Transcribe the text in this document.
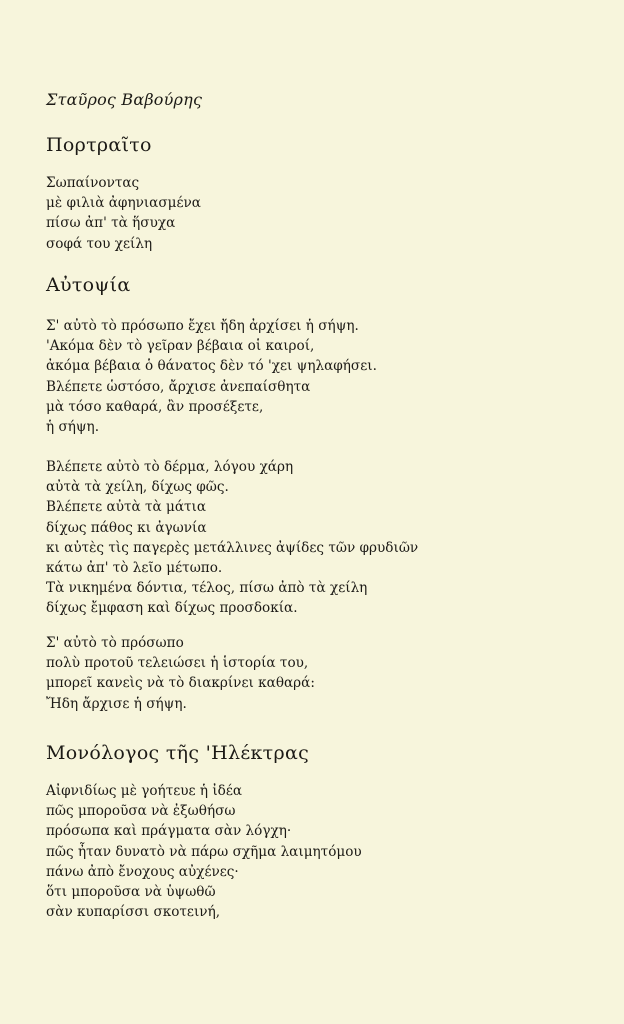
Σταῦρος Βαβούρης
Πορτραῖτο
Σωπαίνοντας
μὲ φιλιὰ ἀφηνιασμένα
πίσω ἀπ' τὰ ἥσυχα
σοφά του χείλη
Αὐτοψία
Σ' αὐτὸ τὸ πρόσωπο ἔχει ἤδη ἀρχίσει ἡ σήψη.
'Ακόμα δὲν τὸ γεῖραν βέβαια οἱ καιροί,
ἀκόμα βέβαια ὁ θάνατος δὲν τό 'χει ψηλαφήσει.
Βλέπετε ὡστόσο, ἄρχισε ἀνεπαίσθητα
μὰ τόσο καθαρά, ἂν προσέξετε,
ἡ σήψη.
Βλέπετε αὐτὸ τὸ δέρμα, λόγου χάρη
αὐτὰ τὰ χείλη, δίχως φῶς.
Βλέπετε αὐτὰ τὰ μάτια
δίχως πάθος κι ἀγωνία
κι αὐτὲς τὶς παγερὲς μετάλλινες ἀψίδες τῶν φρυδιῶν
κάτω ἀπ' τὸ λεῖο μέτωπο.
Τὰ νικημένα δόντια, τέλος, πίσω ἀπὸ τὰ χείλη
δίχως ἔμφαση καὶ δίχως προσδοκία.
Σ' αὐτὸ τὸ πρόσωπο
πολὺ προτοῦ τελειώσει ἡ ἱστορία του,
μπορεῖ κανεὶς νὰ τὸ διακρίνει καθαρά:
Ἤδη ἄρχισε ἡ σήψη.
Μονόλογος τῆς 'Ηλέκτρας
Αἰφνιδίως μὲ γοήτευε ἡ ἰδέα
πῶς μποροῦσα νὰ ἐξωθήσω
πρόσωπα καὶ πράγματα σὰν λόγχη·
πῶς ἦταν δυνατὸ νὰ πάρω σχῆμα λαιμητόμου
πάνω ἀπὸ ἔνοχους αὐχένες·
ὅτι μποροῦσα νὰ ὑψωθῶ
σὰν κυπαρίσσι σκοτεινή,
